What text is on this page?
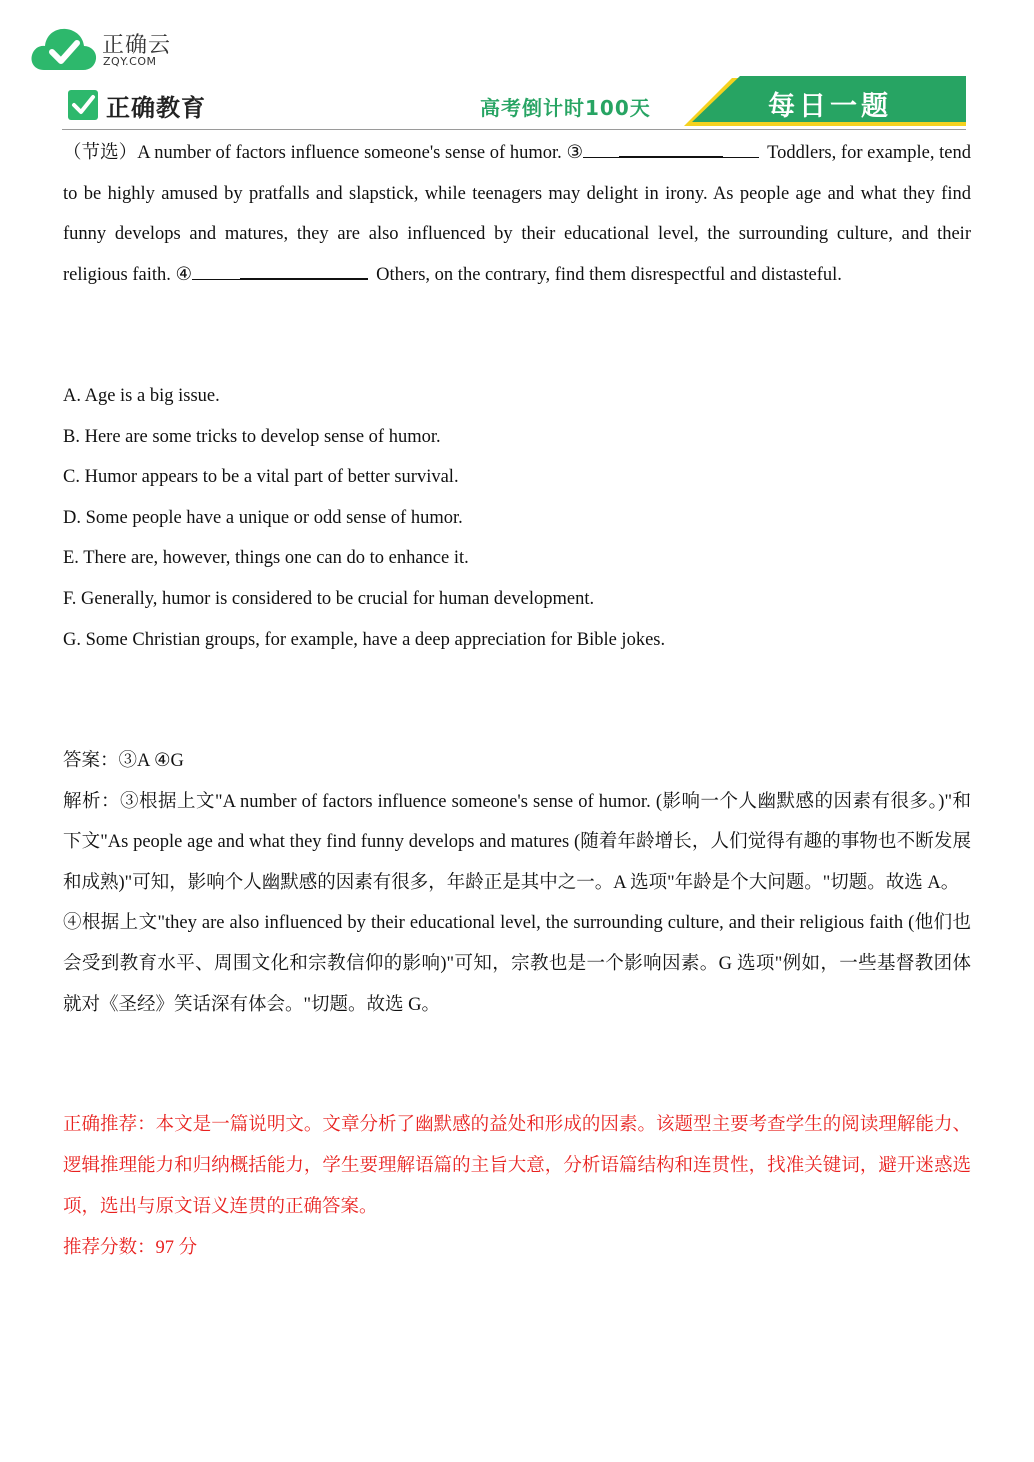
正确云
ZQY.COM
正确教育	高考倒计时100天	每日一题

（节选）A number of factors influence someone's sense of humor. ③	Toddlers, for example, tend to be highly amused by pratfalls and slapstick, while teenagers may delight in irony. As people age and what they find funny develops and matures, they are also influenced by their educational level, the surrounding culture, and their religious faith. ④	Others, on the contrary, find them disrespectful and distasteful.

A. Age is a big issue.

B. Here are some tricks to develop sense of humor.

C. Humor appears to be a vital part of better survival.

D. Some people have a unique or odd sense of humor.

E. There are, however, things one can do to enhance it.

F. Generally, humor is considered to be crucial for human development.

G. Some Christian groups, for example, have a deep appreciation for Bible jokes.

答案：③A ④G

解析：③根据上文"A number of factors influence someone's sense of humor. (影响一个人幽默感的因素有很多。)"和下文"As people age and what they find funny develops and matures (随着年龄增长，人们觉得有趣的事物也不断发展和成熟)"可知，影响个人幽默感的因素有很多，年龄正是其中之一。A 选项"年龄是个大问题。"切题。故选 A。

④根据上文"they are also influenced by their educational level, the surrounding culture, and their religious faith (他们也会受到教育水平、周围文化和宗教信仰的影响)"可知，宗教也是一个影响因素。G 选项"例如，一些基督教团体就对《圣经》笑话深有体会。"切题。故选 G。

正确推荐：本文是一篇说明文。文章分析了幽默感的益处和形成的因素。该题型主要考查学生的阅读理解能力、逻辑推理能力和归纳概括能力，学生要理解语篇的主旨大意，分析语篇结构和连贯性，找准关键词，避开迷惑选项，选出与原文语义连贯的正确答案。

推荐分数：97 分
